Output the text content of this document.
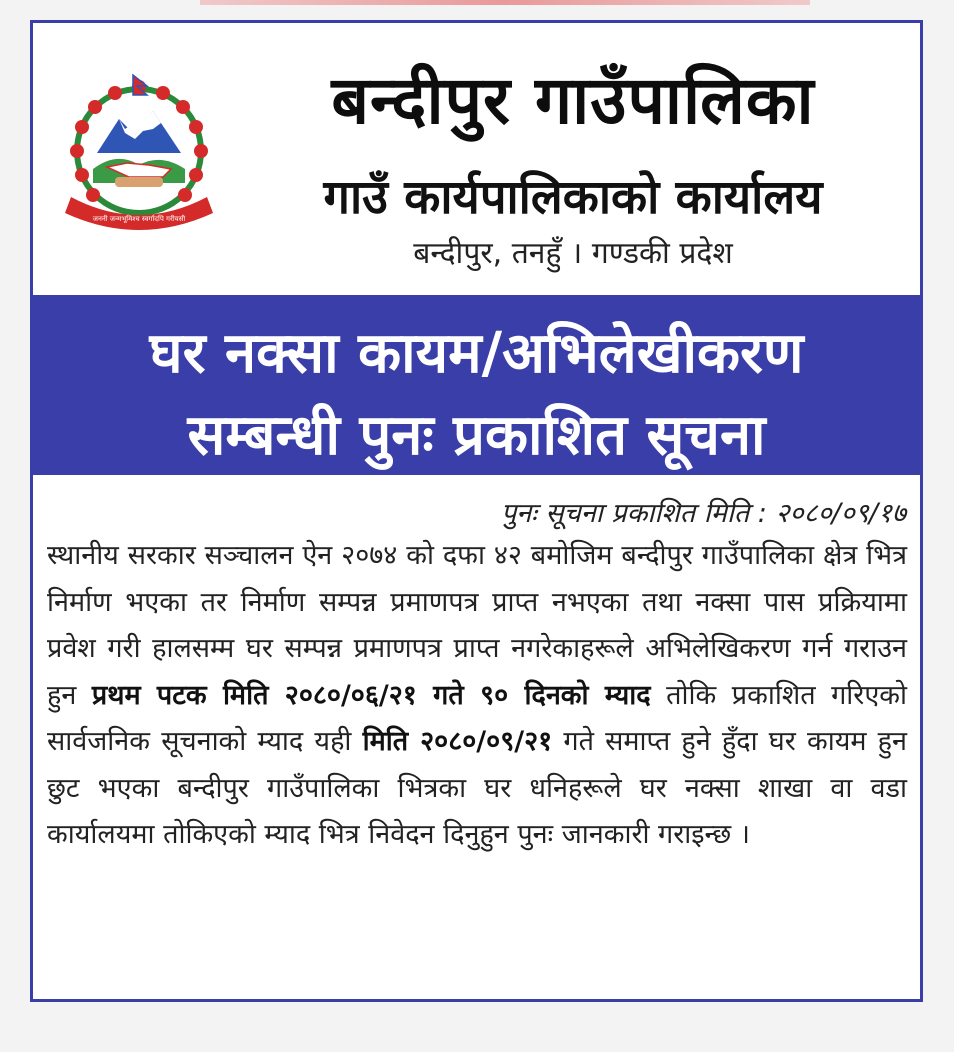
जननी जन्मभूमिश्च स्वर्गादपि गरीयसी
बन्दीपुर गाउँपालिका
गाउँ कार्यपालिकाको कार्यालय
बन्दीपुर, तनहुँ । गण्डकी प्रदेश
घर नक्सा कायम/अभिलेखीकरण
सम्बन्धी पुनः प्रकाशित सूचना
पुनः सूचना प्रकाशित मिति : २०८०/०९/१७
स्थानीय सरकार सञ्चालन ऐन २०७४ को दफा ४२ बमोजिम बन्दीपुर गाउँपालिका क्षेत्र भित्र निर्माण भएका तर निर्माण सम्पन्न प्रमाणपत्र प्राप्त नभएका तथा नक्सा पास प्रक्रियामा प्रवेश गरी हालसम्म घर सम्पन्न प्रमाणपत्र प्राप्त नगरेकाहरूले अभिलेखिकरण गर्न गराउन हुन प्रथम पटक मिति २०८०/०६/२१ गते ९० दिनको म्याद तोकि प्रकाशित गरिएको सार्वजनिक सूचनाको म्याद यही मिति २०८०/०९/२१ गते समाप्त हुने हुँदा घर कायम हुन छुट भएका बन्दीपुर गाउँपालिका भित्रका घर धनिहरूले घर नक्सा शाखा वा वडा कार्यालयमा तोकिएको म्याद भित्र निवेदन दिनुहुन पुनः जानकारी गराइन्छ ।
